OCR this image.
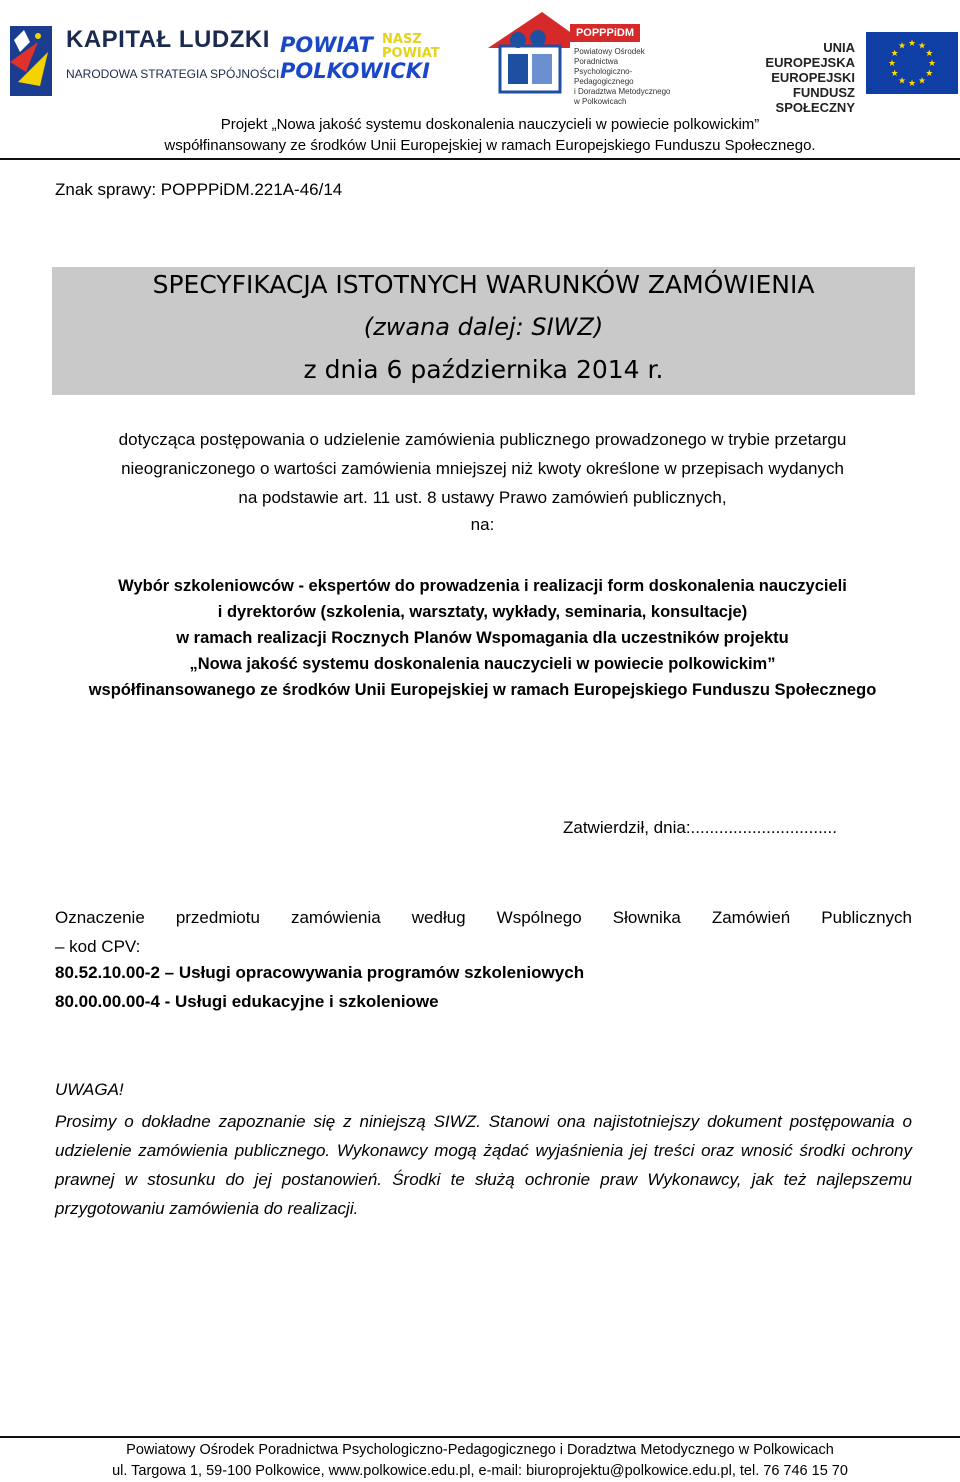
KAPITAŁ LUDZKI
NARODOWA STRATEGIA SPÓJNOŚCI
POWIAT
POLKOWICKI
NASZ
POWIAT
POPPPiDM
Powiatowy Ośrodek Poradnictwa
Psychologiczno-Pedagogicznego
i Doradztwa Metodycznego
w Polkowicach
UNIA EUROPEJSKA
EUROPEJSKI
FUNDUSZ SPOŁECZNY
★
★
★
★
★
★
★
★
★ ★ ★
★
Projekt „Nowa jakość systemu doskonalenia nauczycieli w powiecie polkowickim”
współfinansowany ze środków Unii Europejskiej w ramach Europejskiego Funduszu Społecznego.
Znak sprawy: POPPPiDM.221A-46/14
SPECYFIKACJA ISTOTNYCH WARUNKÓW ZAMÓWIENIA
(zwana dalej: SIWZ)
z dnia 6 października 2014 r.
dotycząca postępowania o udzielenie zamówienia publicznego prowadzonego w trybie przetargu
nieograniczonego o wartości zamówienia mniejszej niż kwoty określone w przepisach wydanych
na podstawie art. 11 ust. 8 ustawy Prawo zamówień publicznych,
na:
Wybór szkoleniowców - ekspertów do prowadzenia i realizacji form doskonalenia nauczycieli
i dyrektorów (szkolenia, warsztaty, wykłady, seminaria, konsultacje)
w ramach realizacji Rocznych Planów Wspomagania dla uczestników projektu
„Nowa jakość systemu doskonalenia nauczycieli w powiecie polkowickim”
współfinansowanego ze środków Unii Europejskiej w ramach Europejskiego Funduszu Społecznego
Zatwierdził, dnia:...............................
Oznaczenie przedmiotu zamówienia według Wspólnego Słownika Zamówień Publicznych
– kod CPV:
80.52.10.00-2 – Usługi opracowywania programów szkoleniowych
80.00.00.00-4 - Usługi edukacyjne i szkoleniowe
UWAGA!
Prosimy o dokładne zapoznanie się z niniejszą SIWZ. Stanowi ona najistotniejszy dokument postępowania o udzielenie zamówienia publicznego. Wykonawcy mogą żądać wyjaśnienia jej treści oraz wnosić środki ochrony prawnej w stosunku do jej postanowień. Środki te służą ochronie praw Wykonawcy, jak też najlepszemu przygotowaniu zamówienia do realizacji.
Powiatowy Ośrodek Poradnictwa Psychologiczno-Pedagogicznego i Doradztwa Metodycznego w Polkowicach
ul. Targowa 1, 59-100 Polkowice, www.polkowice.edu.pl, e-mail: biuroprojektu@polkowice.edu.pl, tel. 76 746 15 70
